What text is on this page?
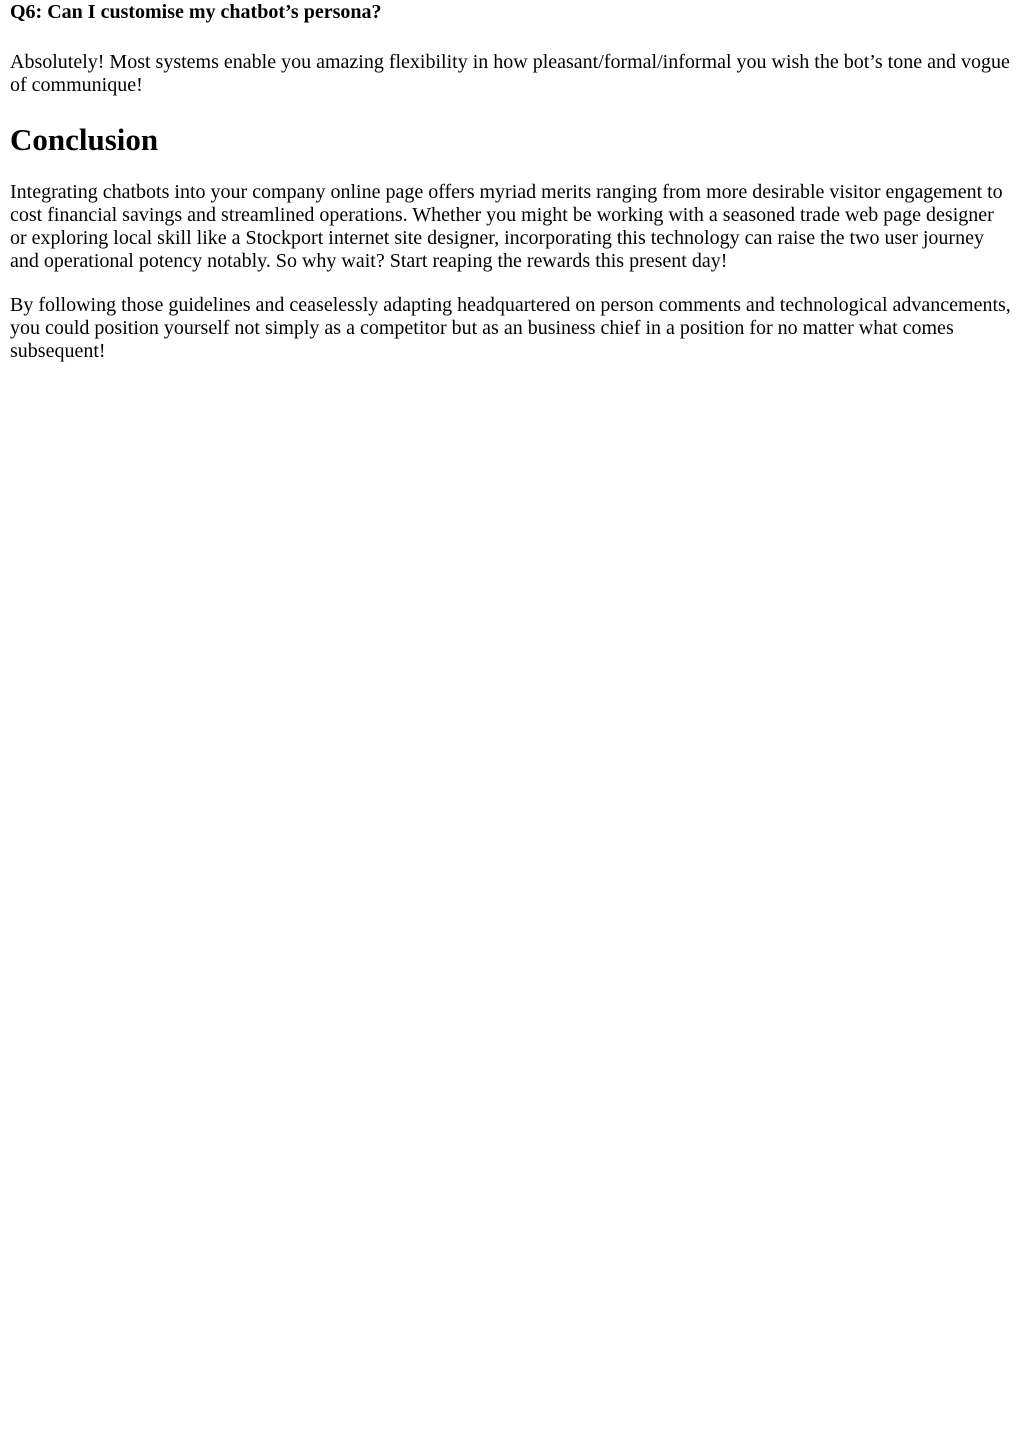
Q6: Can I customise my chatbot’s persona?

Absolutely! Most systems enable you amazing flexibility in how pleasant/formal/informal you wish the bot’s tone and vogue of communique!

Conclusion

Integrating chatbots into your company online page offers myriad merits ranging from more desirable visitor engagement to cost financial savings and streamlined operations. Whether you might be working with a seasoned trade web page designer or exploring local skill like a Stockport internet site designer, incorporating this technology can raise the two user journey and operational potency notably. So why wait? Start reaping the rewards this present day!

By following those guidelines and ceaselessly adapting headquartered on person comments and technological advancements, you could position yourself not simply as a competitor but as an business chief in a position for no matter what comes subsequent!
